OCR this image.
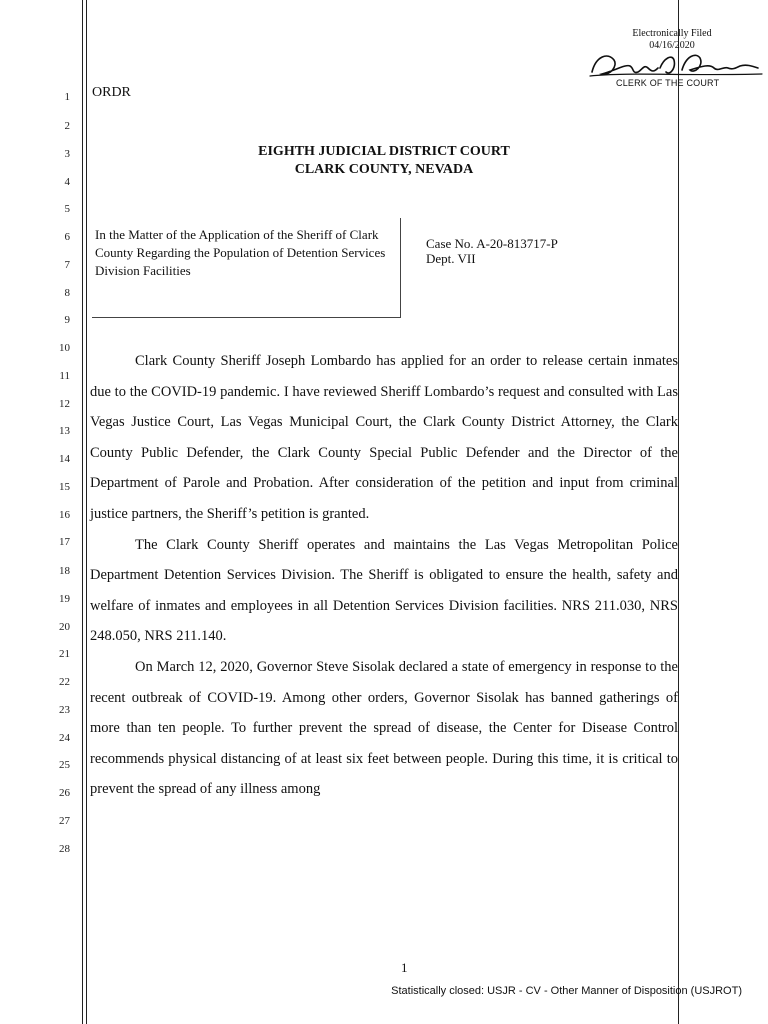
1
2
3
4
5
6
7
8
9
10
11
12
13
14
15
16
17
18
19
20
21
22
23
24
25
26
27
28
Electronically Filed
04/16/2020
CLERK OF THE COURT
ORDR
EIGHTH JUDICIAL DISTRICT COURT
CLARK COUNTY, NEVADA
In the Matter of the Application of the Sheriff of Clark County Regarding the Population of Detention Services Division Facilities
Case No. A-20-813717-P
Dept. VII

Clark County Sheriff Joseph Lombardo has applied for an order to release certain inmates due to the COVID-19 pandemic. I have reviewed Sheriff Lombardo’s request and consulted with Las Vegas Justice Court, Las Vegas Municipal Court, the Clark County District Attorney, the Clark County Public Defender, the Clark County Special Public Defender and the Director of the Department of Parole and Probation. After consideration of the petition and input from criminal justice partners, the Sheriff’s petition is granted.

The Clark County Sheriff operates and maintains the Las Vegas Metropolitan Police Department Detention Services Division. The Sheriff is obligated to ensure the health, safety and welfare of inmates and employees in all Detention Services Division facilities. NRS 211.030, NRS 248.050, NRS 211.140.

On March 12, 2020, Governor Steve Sisolak declared a state of emergency in response to the recent outbreak of COVID-19. Among other orders, Governor Sisolak has banned gatherings of more than ten people. To further prevent the spread of disease, the Center for Disease Control recommends physical distancing of at least six feet between people. During this time, it is critical to prevent the spread of any illness among

1
Statistically closed: USJR - CV - Other Manner of Disposition (USJROT)
